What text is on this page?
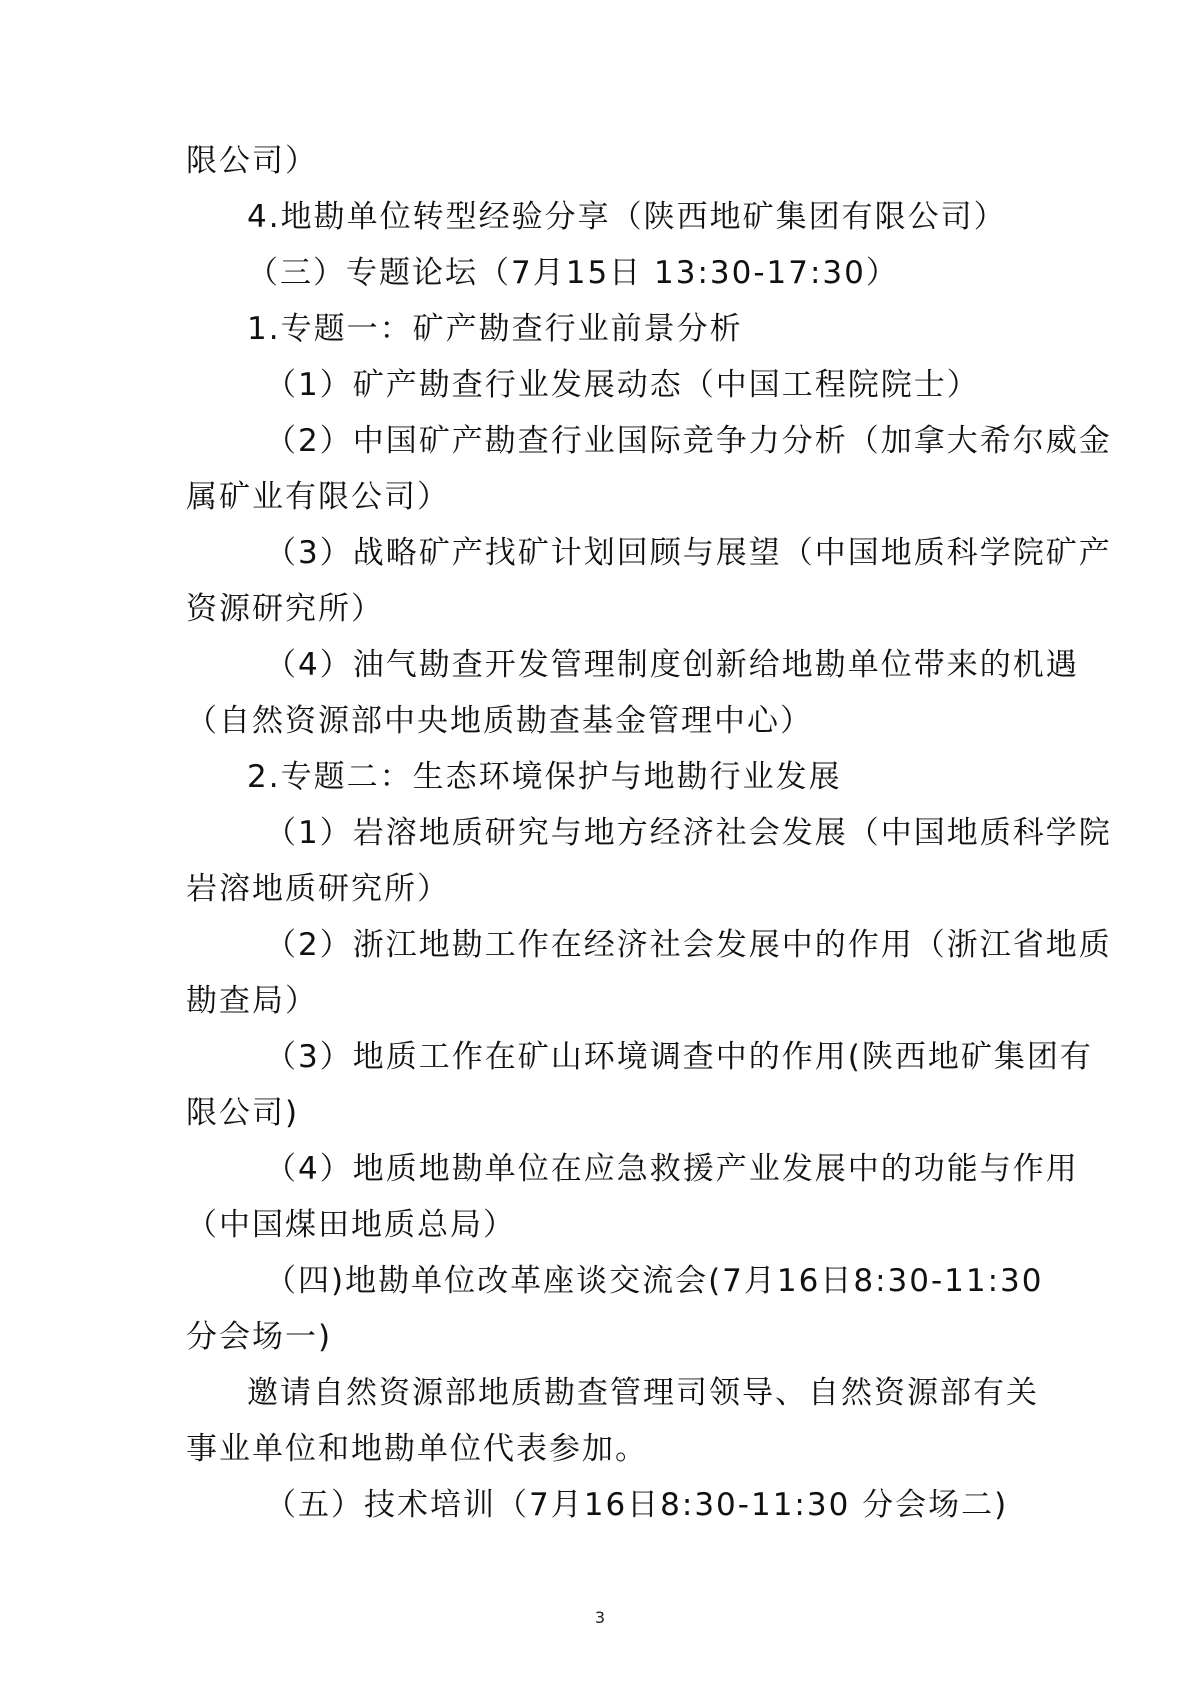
限公司）
4.地勘单位转型经验分享（陕西地矿集团有限公司）
（三）专题论坛（7月15日 13:30-17:30）
1.专题一：矿产勘查行业前景分析
（1）矿产勘查行业发展动态（中国工程院院士）
（2）中国矿产勘查行业国际竞争力分析（加拿大希尔威金
属矿业有限公司）
（3）战略矿产找矿计划回顾与展望（中国地质科学院矿产
资源研究所）
（4）油气勘查开发管理制度创新给地勘单位带来的机遇
（自然资源部中央地质勘查基金管理中心）
2.专题二：生态环境保护与地勘行业发展
（1）岩溶地质研究与地方经济社会发展（中国地质科学院
岩溶地质研究所）
（2）浙江地勘工作在经济社会发展中的作用（浙江省地质
勘查局）
（3）地质工作在矿山环境调查中的作用(陕西地矿集团有
限公司)
（4）地质地勘单位在应急救援产业发展中的功能与作用
（中国煤田地质总局）
（四)地勘单位改革座谈交流会(7月16日8:30-11:30
分会场一)
邀请自然资源部地质勘查管理司领导、自然资源部有关
事业单位和地勘单位代表参加。
（五）技术培训（7月16日8:30-11:30 分会场二)
3
